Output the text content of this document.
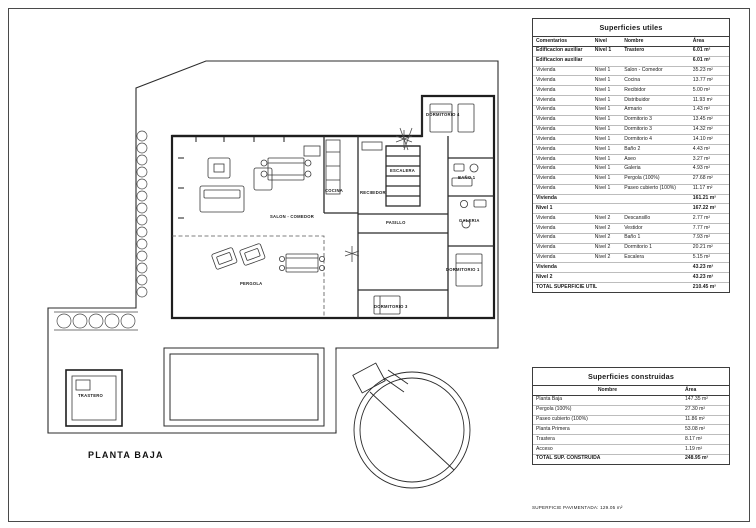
DORMITORIO 4
COCINA	RECIBIDOR
ESCALERA
BAÑO 1
SALON - COMEDOR
PASILLO	GALERIA
DORMITORIO 1
PERGOLA
DORMITORIO 3
TRASTERO
PLANTA BAJA
Superficies utiles
Comentarios	Nivel	Nombre	Área
Edificacion auxiliar	Nivel 1	Trastero	6.01 m²
Edificacion auxiliar			6.01 m²
Vivienda	Nivel 1	Salon - Comedor	35.23 m²
Vivienda	Nivel 1	Cocina	13.77 m²
Vivienda	Nivel 1	Recibidor	5.00 m²
Vivienda	Nivel 1	Distribuidor	11.93 m²
Vivienda	Nivel 1	Armario	1.43 m²
Vivienda	Nivel 1	Dormitorio 3	13.45 m²
Vivienda	Nivel 1	Dormitorio 3	14.32 m²
Vivienda	Nivel 1	Dormitorio 4	14.10 m²
Vivienda	Nivel 1	Baño 2	4.43 m²
Vivienda	Nivel 1	Aseo	3.27 m²
Vivienda	Nivel 1	Galeria	4.93 m²
Vivienda	Nivel 1	Pergola (100%)	27.68 m²
Vivienda	Nivel 1	Paseo cubierto (100%)	11.17 m²
Vivienda			161.21 m²
Nivel 1			167.22 m²
Vivienda	Nivel 2	Descansillo	2.77 m²
Vivienda	Nivel 2	Vestidor	7.77 m²
Vivienda	Nivel 2	Baño 1	7.93 m²
Vivienda	Nivel 2	Dormitorio 1	20.21 m²
Vivienda	Nivel 2	Escalera	5.15 m²
Vivienda			43.23 m²
Nivel 2			43.23 m²
TOTAL SUPERFICIE UTIL			210.45 m²
Superficies construidas
Nombre	Área
Planta Baja	147.35 m²
Pergola (100%)	27.30 m²
Paseo cubierto (100%)	11.86 m²
Planta Primera	53.08 m²
Trastera	8.17 m²
Acceso	1.19 m²
TOTAL SUP. CONSTRUIDA	248.95 m²
SUPERFICIE PAVIMENTADA: 129.05 m²
